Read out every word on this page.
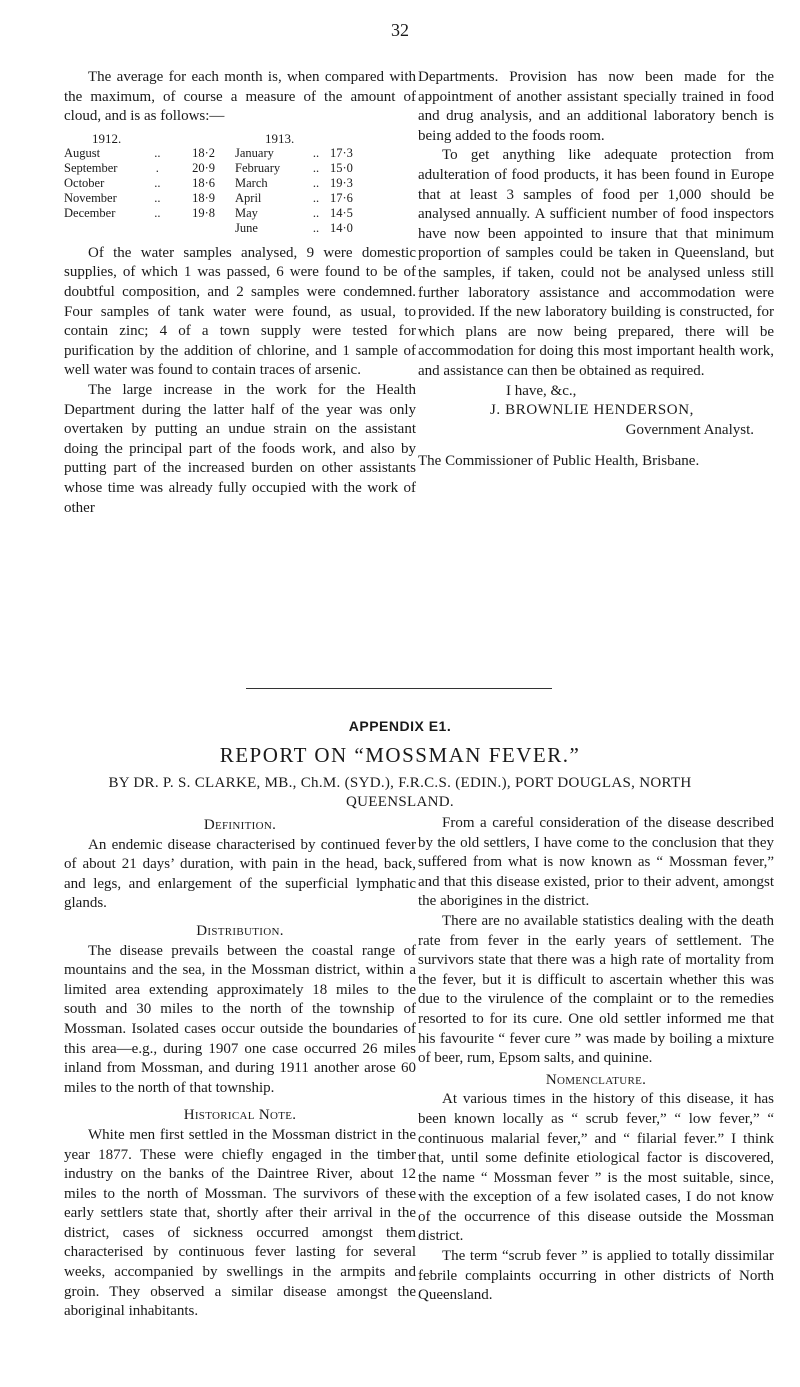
32

The average for each month is, when compared with the maximum, of course a measure of the amount of cloud, and is as follows:—

1912.			1913.		
August	..	18·2	January	..	17·3
September	.	20·9	February	..	15·0
October	..	18·6	March	..	19·3
November	..	18·9	April	..	17·6
December	..	19·8	May	..	14·5
			June	..	14·0

Of the water samples analysed, 9 were domestic supplies, of which 1 was passed, 6 were found to be of doubtful composition, and 2 samples were condemned. Four samples of tank water were found, as usual, to contain zinc; 4 of a town supply were tested for purification by the addition of chlorine, and 1 sample of well water was found to contain traces of arsenic.

The large increase in the work for the Health Department during the latter half of the year was only overtaken by putting an undue strain on the assistant doing the principal part of the foods work, and also by putting part of the increased burden on other assistants whose time was already fully occupied with the work of other

Departments. Provision has now been made for the appointment of another assistant specially trained in food and drug analysis, and an additional laboratory bench is being added to the foods room.

To get anything like adequate protection from adulteration of food products, it has been found in Europe that at least 3 samples of food per 1,000 should be analysed annually. A sufficient number of food inspectors have now been appointed to insure that that minimum proportion of samples could be taken in Queensland, but the samples, if taken, could not be analysed unless still further laboratory assistance and accommodation were provided. If the new laboratory building is constructed, for which plans are now being prepared, there will be accommodation for doing this most important health work, and assistance can then be obtained as required.

I have, &c.,

J. BROWNLIE HENDERSON,

Government Analyst.

The Commissioner of Public Health, Brisbane.

APPENDIX E1.
REPORT ON “MOSSMAN FEVER.”
BY DR. P. S. CLARKE, MB., Ch.M. (SYD.), F.R.C.S. (EDIN.), PORT DOUGLAS, NORTH QUEENSLAND.
Definition.

An endemic disease characterised by continued fever of about 21 days’ duration, with pain in the head, back, and legs, and enlargement of the superficial lymphatic glands.

Distribution.

The disease prevails between the coastal range of mountains and the sea, in the Mossman district, within a limited area extending approximately 18 miles to the south and 30 miles to the north of the township of Mossman. Isolated cases occur outside the boundaries of this area—e.g., during 1907 one case occurred 26 miles inland from Mossman, and during 1911 another arose 60 miles to the north of that township.

Historical Note.

White men first settled in the Mossman district in the year 1877. These were chiefly engaged in the timber industry on the banks of the Daintree River, about 12 miles to the north of Mossman. The survivors of these early settlers state that, shortly after their arrival in the district, cases of sickness occurred amongst them characterised by continuous fever lasting for several weeks, accompanied by swellings in the armpits and groin. They observed a similar disease amongst the aboriginal inhabitants.

From a careful consideration of the disease described by the old settlers, I have come to the conclusion that they suffered from what is now known as “ Mossman fever,” and that this disease existed, prior to their advent, amongst the aborigines in the district.

There are no available statistics dealing with the death rate from fever in the early years of settlement. The survivors state that there was a high rate of mortality from the fever, but it is difficult to ascertain whether this was due to the virulence of the complaint or to the remedies resorted to for its cure. One old settler informed me that his favourite “ fever cure ” was made by boiling a mixture of beer, rum, Epsom salts, and quinine.

Nomenclature.

At various times in the history of this disease, it has been known locally as “ scrub fever,” “ low fever,” “ continuous malarial fever,” and “ filarial fever.” I think that, until some definite etiological factor is discovered, the name “ Mossman fever ” is the most suitable, since, with the exception of a few isolated cases, I do not know of the occurrence of this disease outside the Mossman district.

The term “scrub fever ” is applied to totally dissimilar febrile complaints occurring in other districts of North Queensland.
